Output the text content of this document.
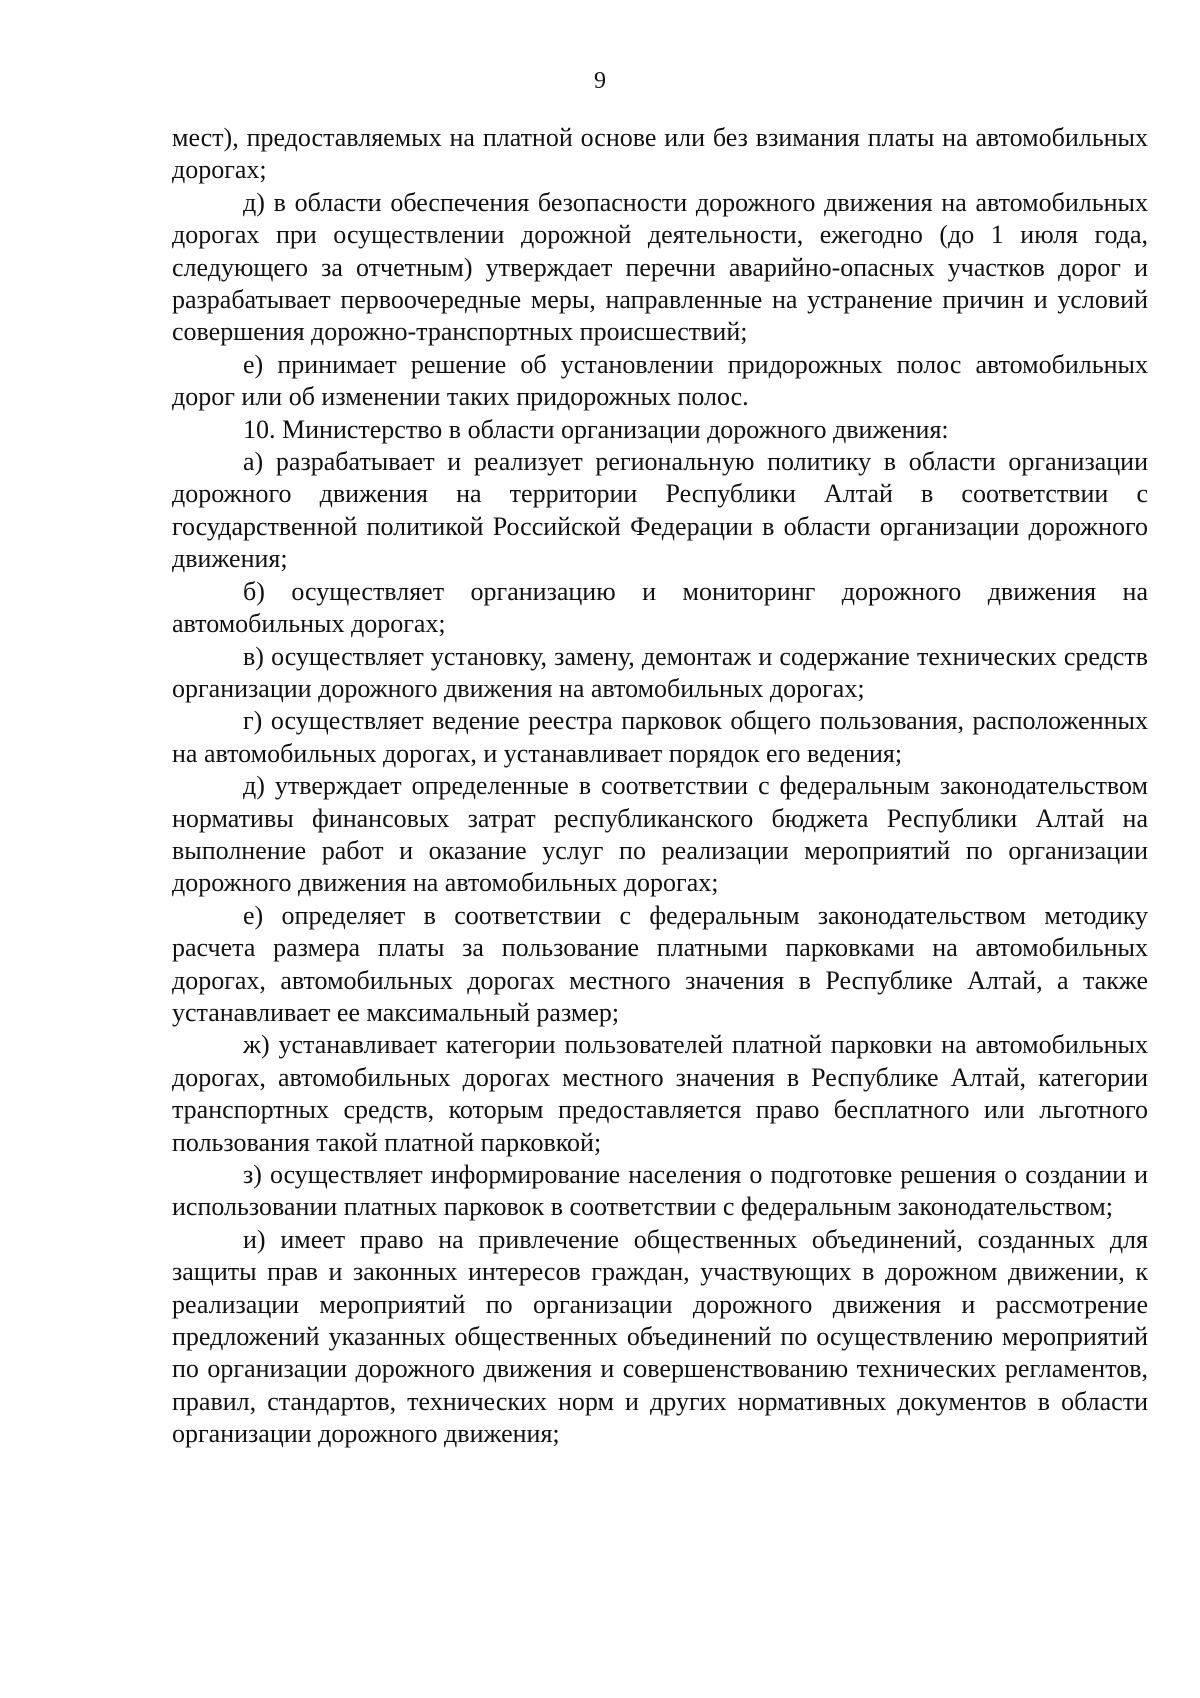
9

мест), предоставляемых на платной основе или без взимания платы на автомобильных дорогах;

д) в области обеспечения безопасности дорожного движения на автомобильных дорогах при осуществлении дорожной деятельности, ежегодно (до 1 июля года, следующего за отчетным) утверждает перечни аварийно-опасных участков дорог и разрабатывает первоочередные меры, направленные на устранение причин и условий совершения дорожно-транспортных происшествий;

е) принимает решение об установлении придорожных полос автомобильных дорог или об изменении таких придорожных полос.

10. Министерство в области организации дорожного движения:

а) разрабатывает и реализует региональную политику в области организации дорожного движения на территории Республики Алтай в соответствии с государственной политикой Российской Федерации в области организации дорожного движения;

б) осуществляет организацию и мониторинг дорожного движения на автомобильных дорогах;

в) осуществляет установку, замену, демонтаж и содержание технических средств организации дорожного движения на автомобильных дорогах;

г) осуществляет ведение реестра парковок общего пользования, расположенных на автомобильных дорогах, и устанавливает порядок его ведения;

д) утверждает определенные в соответствии с федеральным законодательством нормативы финансовых затрат республиканского бюджета Республики Алтай на выполнение работ и оказание услуг по реализации мероприятий по организации дорожного движения на автомобильных дорогах;

е) определяет в соответствии с федеральным законодательством методику расчета размера платы за пользование платными парковками на автомобильных дорогах, автомобильных дорогах местного значения в Республике Алтай, а также устанавливает ее максимальный размер;

ж) устанавливает категории пользователей платной парковки на автомобильных дорогах, автомобильных дорогах местного значения в Республике Алтай, категории транспортных средств, которым предоставляется право бесплатного или льготного пользования такой платной парковкой;

з) осуществляет информирование населения о подготовке решения о создании и использовании платных парковок в соответствии с федеральным законодательством;

и) имеет право на привлечение общественных объединений, созданных для защиты прав и законных интересов граждан, участвующих в дорожном движении, к реализации мероприятий по организации дорожного движения и рассмотрение предложений указанных общественных объединений по осуществлению мероприятий по организации дорожного движения и совершенствованию технических регламентов, правил, стандартов, технических норм и других нормативных документов в области организации дорожного движения;
